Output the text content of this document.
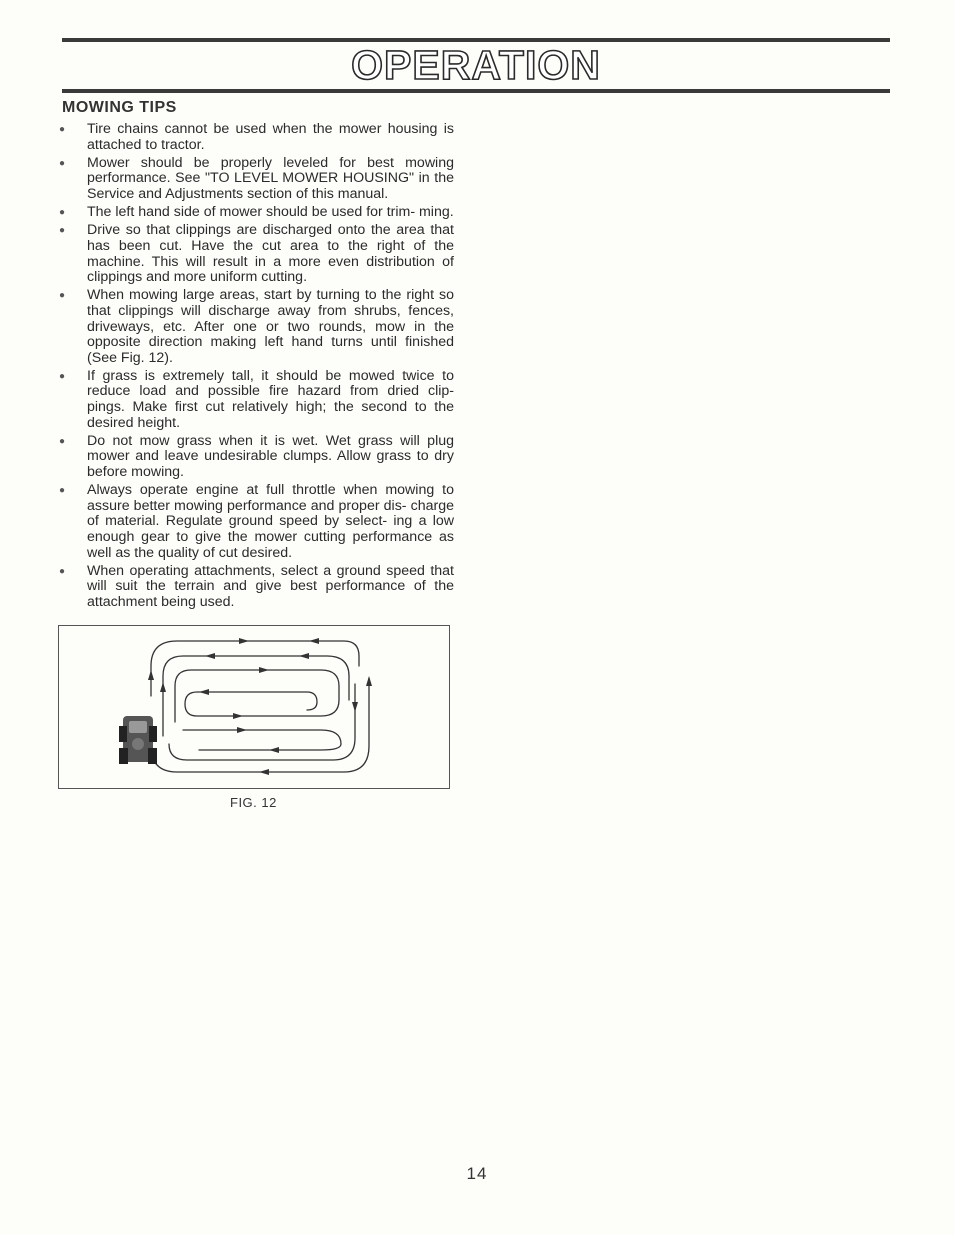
OPERATION
MOWING TIPS
● Tire chains cannot be used when the mower housing is attached to tractor.
● Mower should be properly leveled for best mowing performance. See "TO LEVEL MOWER HOUSING" in the Service and Adjustments section of this manual.
● The left hand side of mower should be used for trim- ming.
● Drive so that clippings are discharged onto the area that has been cut. Have the cut area to the right of the machine. This will result in a more even distribution of clippings and more uniform cutting.
● When mowing large areas, start by turning to the right so that clippings will discharge away from shrubs, fences, driveways, etc. After one or two rounds, mow in the opposite direction making left hand turns until finished (See Fig. 12).
● If grass is extremely tall, it should be mowed twice to reduce load and possible fire hazard from dried clip- pings. Make first cut relatively high; the second to the desired height.
● Do not mow grass when it is wet. Wet grass will plug mower and leave undesirable clumps. Allow grass to dry before mowing.
● Always operate engine at full throttle when mowing to assure better mowing performance and proper dis- charge of material. Regulate ground speed by select- ing a low enough gear to give the mower cutting performance as well as the quality of cut desired.
● When operating attachments, select a ground speed that will suit the terrain and give best performance of the attachment being used.
FIG. 12
14
